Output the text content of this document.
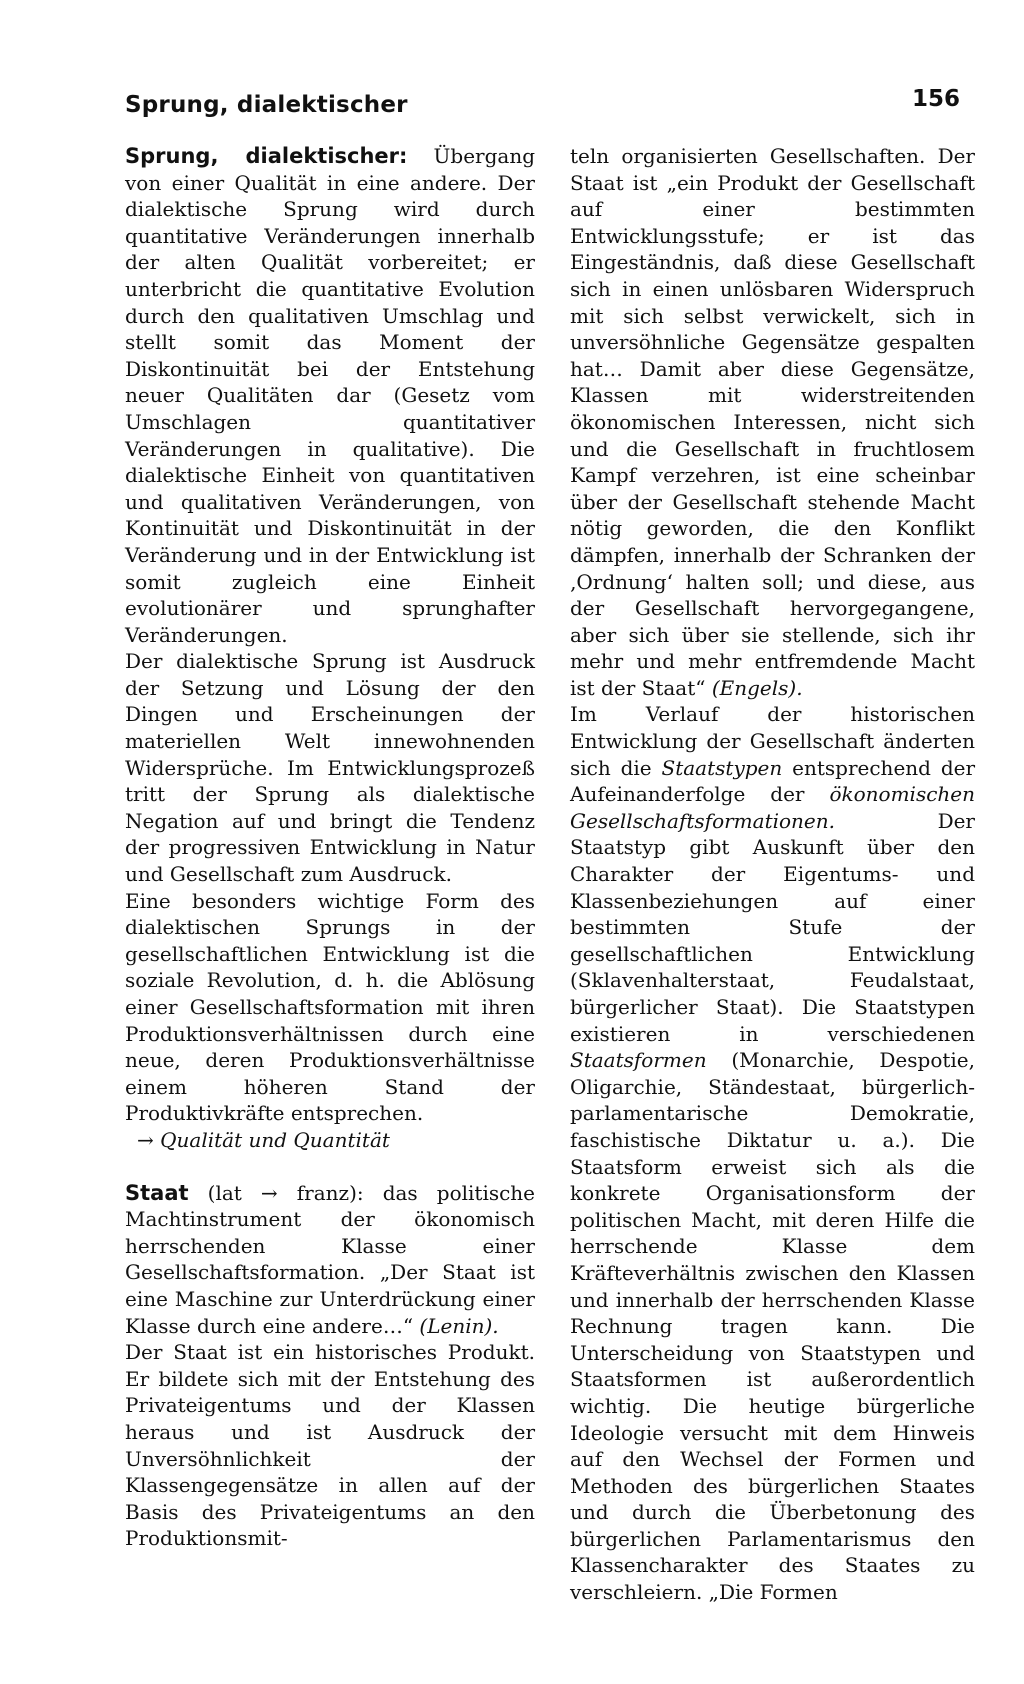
Sprung, dialektischer	156

Sprung, dialektischer: Übergang von einer Qualität in eine andere. Der dialektische Sprung wird durch quantitative Veränderungen innerhalb der alten Qualität vorbereitet; er unterbricht die quantitative Evolution durch den qualitativen Umschlag und stellt somit das Moment der Diskontinuität bei der Entstehung neuer Qualitäten dar (Gesetz vom Umschlagen quantitativer Veränderungen in qualitative). Die dialektische Einheit von quantitativen und qualitativen Veränderungen, von Kontinuität und Diskontinuität in der Veränderung und in der Entwicklung ist somit zugleich eine Einheit evolutionärer und sprunghafter Veränderungen.

Der dialektische Sprung ist Ausdruck der Setzung und Lösung der den Dingen und Erscheinungen der materiellen Welt innewohnenden Widersprüche. Im Entwicklungsprozeß tritt der Sprung als dialektische Negation auf und bringt die Tendenz der progressiven Entwicklung in Natur und Gesellschaft zum Ausdruck.

Eine besonders wichtige Form des dialektischen Sprungs in der gesellschaftlichen Entwicklung ist die soziale Revolution, d. h. die Ablösung einer Gesellschaftsformation mit ihren Produktionsverhältnissen durch eine neue, deren Produktionsverhältnisse einem höheren Stand der Produktivkräfte entsprechen.

→ Qualität und Quantität

Staat (lat → franz): das politische Machtinstrument der ökonomisch herrschenden Klasse einer Gesellschaftsformation. „Der Staat ist eine Maschine zur Unterdrückung einer Klasse durch eine andere…“ (Lenin).

Der Staat ist ein historisches Produkt. Er bildete sich mit der Entstehung des Privateigentums und der Klassen heraus und ist Ausdruck der Unversöhnlichkeit der Klassengegensätze in allen auf der Basis des Privateigentums an den Produktionsmit-

teln organisierten Gesellschaften. Der Staat ist „ein Produkt der Gesellschaft auf einer bestimmten Entwicklungsstufe; er ist das Eingeständnis, daß diese Gesellschaft sich in einen unlösbaren Widerspruch mit sich selbst verwickelt, sich in unversöhnliche Gegensätze gespalten hat… Damit aber diese Gegensätze, Klassen mit widerstreitenden ökonomischen Interessen, nicht sich und die Gesellschaft in fruchtlosem Kampf verzehren, ist eine scheinbar über der Gesellschaft stehende Macht nötig geworden, die den Konflikt dämpfen, innerhalb der Schranken der ‚Ordnung‘ halten soll; und diese, aus der Gesellschaft hervorgegangene, aber sich über sie stellende, sich ihr mehr und mehr entfremdende Macht ist der Staat“ (Engels).

Im Verlauf der historischen Entwicklung der Gesellschaft änderten sich die Staatstypen entsprechend der Aufeinanderfolge der ökonomischen Gesellschaftsformationen.	Der Staatstyp gibt Auskunft über den Charakter der Eigentums- und Klassenbeziehungen auf einer bestimmten Stufe der gesellschaftlichen Entwicklung (Sklavenhalterstaat, Feudalstaat, bürgerlicher Staat). Die Staatstypen existieren in verschiedenen Staatsformen (Monarchie, Despotie, Oligarchie, Ständestaat, bürgerlich-parlamentarische Demokratie, faschistische Diktatur u. a.). Die Staatsform erweist sich als die konkrete Organisationsform der politischen Macht, mit deren Hilfe die herrschende Klasse dem Kräfteverhältnis zwischen den Klassen und innerhalb der herrschenden Klasse Rechnung tragen kann. Die Unterscheidung von Staatstypen und Staatsformen ist außerordentlich wichtig. Die heutige bürgerliche Ideologie versucht mit dem Hinweis auf den Wechsel der Formen und Methoden des bürgerlichen Staates und durch die Überbetonung des bürgerlichen Parlamentarismus den Klassencharakter des Staates zu verschleiern. „Die Formen
